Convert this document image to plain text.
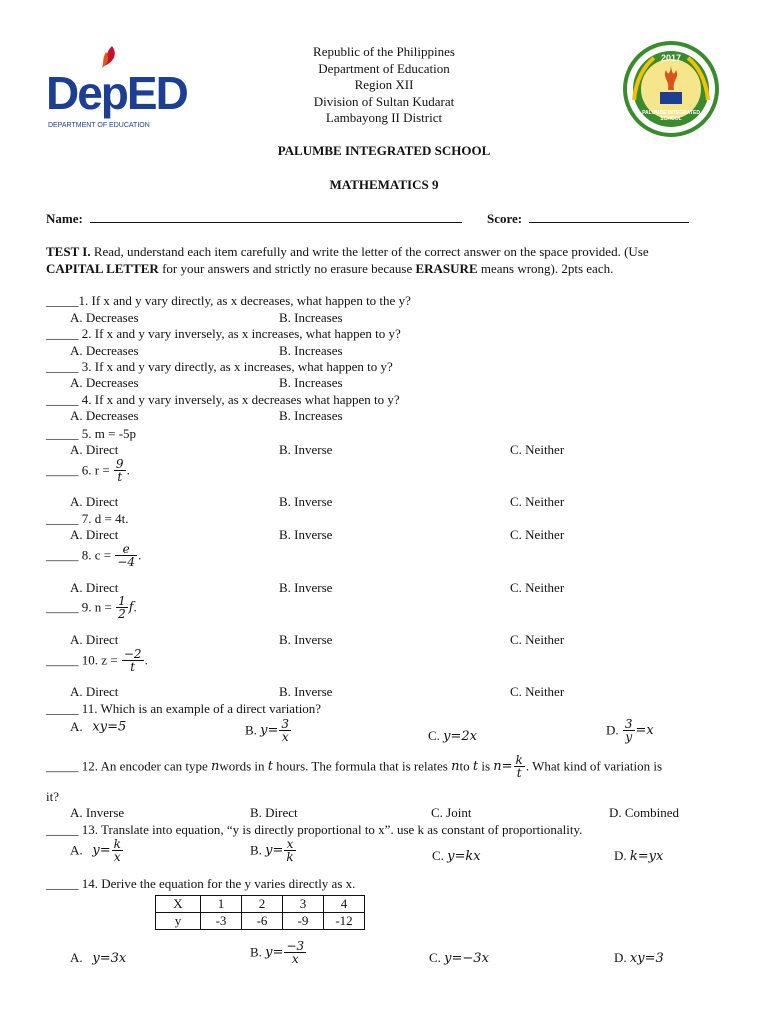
DepED
DEPARTMENT OF EDUCATION
Republic of the Philippines
Department of Education
Region XII
Division of Sultan Kudarat
Lambayong II District
2017
PALUMBE INTEGRATED SCHOOL
PALUMBE INTEGRATED SCHOOL
MATHEMATICS 9
Name:	Score:
TEST I. Read, understand each item carefully and write the letter of the correct answer on the space provided. (Use
CAPITAL LETTER for your answers and strictly no erasure because ERASURE means wrong). 2pts each.
_____1. If x and y vary directly, as x decreases, what happen to the y?
A. Decreases	B. Increases
_____ 2. If x and y vary inversely, as x increases, what happen to y?
A. Decreases	B. Increases
_____ 3. If x and y vary directly, as x increases, what happen to y?
A. Decreases	B. Increases
_____ 4. If x and y vary inversely, as x decreases what happen to y?
A. Decreases	B. Increases
_____ 5. m = -5p
A. Direct	B. Inverse	C. Neither
_____ 6. $r = \frac{9}{t}$ .
A. Direct	B. Inverse	C. Neither
_____ 7. d = 4t.
A. Direct	B. Inverse	C. Neither
_____ 8. $c = \frac{e}{-4}$ .
A. Direct	B. Inverse	C. Neither
_____ 9. $n = \frac{1}{2} f$.
A. Direct	B. Inverse	C. Neither
_____ 10. $z = \frac{-2}{t}$ .
A. Direct	B. Inverse	C. Neither
_____ 11. Which is an example of a direct variation?
A. xy=5	B. $y= \frac{3}{x}$	C. y=2x	D. $\frac{3}{y} =x$
_____ 12. An encoder can type nwords in t hours. The formula that is relates nto t is $n= \frac{k}{t}$ . What kind of variation is
it?
A. Inverse	B. Direct	C. Joint	D. Combined
_____ 13. Translate into equation, “y is directly proportional to x”. use k as constant of proportionality.
A. $y= \frac{k}{x}$	B. $y= \frac{x}{k}$	C. y=kx	D. k=yx
_____ 14. Derive the equation for the y varies directly as x.
X	1	2	3	4
y	-3	-6	-9	-12
A. y=3x	B. $y= \frac{-3}{x}$	C. y=−3x	D. xy=3
